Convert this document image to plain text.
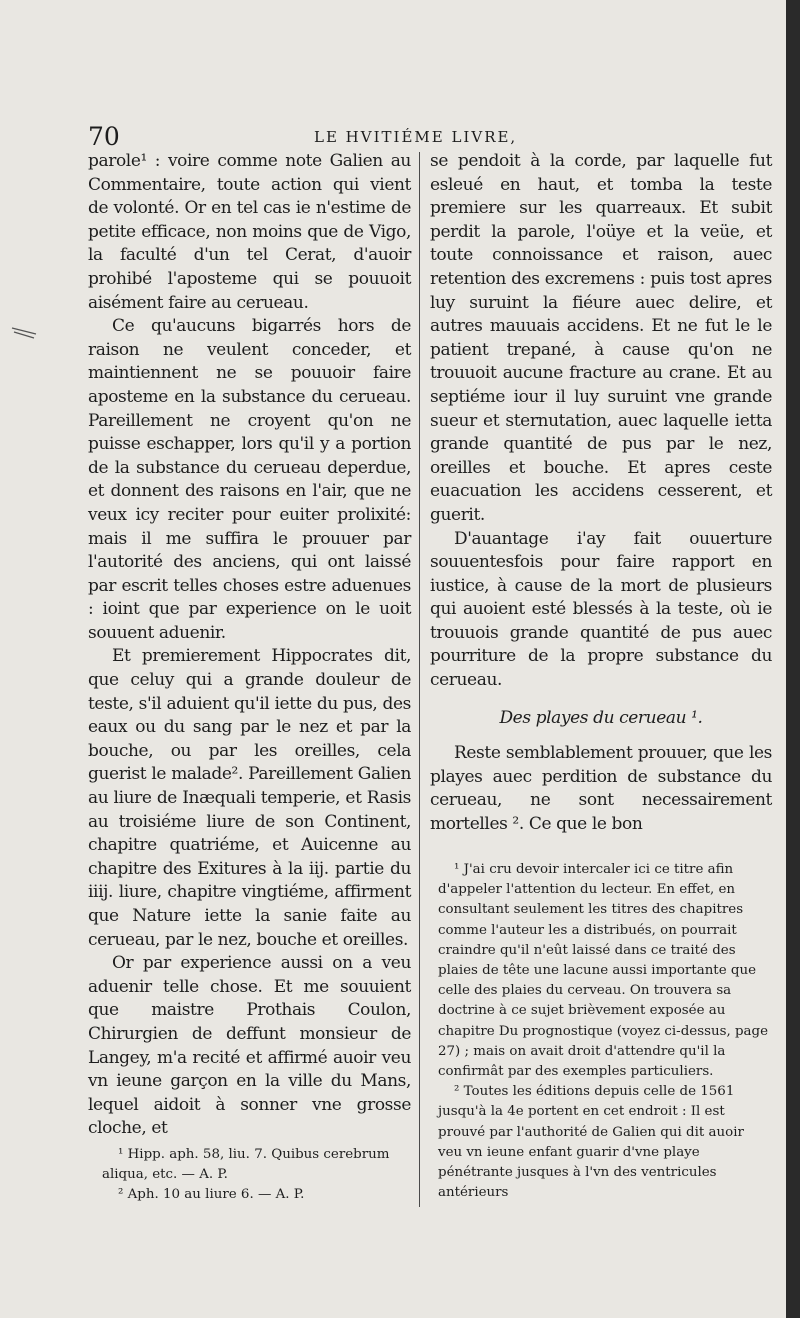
70	LE HVITIÉME LIVRE,

parole¹ : voire comme note Galien au Commentaire, toute action qui vient de volonté. Or en tel cas ie n'estime de petite efficace, non moins que de Vigo, la faculté d'un tel Cerat, d'auoir prohibé l'aposteme qui se pouuoit aisément faire au cerueau.

Ce qu'aucuns bigarrés hors de raison ne veulent conceder, et maintiennent ne se pouuoir faire aposteme en la substance du cerueau. Pareillement ne croyent qu'on ne puisse eschapper, lors qu'il y a portion de la substance du cerueau deperdue, et donnent des raisons en l'air, que ne veux icy reciter pour euiter prolixité: mais il me suffira le prouuer par l'autorité des anciens, qui ont laissé par escrit telles choses estre aduenues : ioint que par experience on le uoit souuent aduenir.

Et premierement Hippocrates dit, que celuy qui a grande douleur de teste, s'il aduient qu'il iette du pus, des eaux ou du sang par le nez et par la bouche, ou par les oreilles, cela guerist le malade². Pareillement Galien au liure de Inæquali temperie, et Rasis au troisiéme liure de son Continent, chapitre quatriéme, et Auicenne au chapitre des Exitures à la iij. partie du iiij. liure, chapitre vingtiéme, affirment que Nature iette la sanie faite au cerueau, par le nez, bouche et oreilles.

Or par experience aussi on a veu aduenir telle chose. Et me souuient que maistre Prothais Coulon, Chirurgien de deffunt monsieur de Langey, m'a recité et affirmé auoir veu vn ieune garçon en la ville du Mans, lequel aidoit à sonner vne grosse cloche, et

¹ Hipp. aph. 58, liu. 7. Quibus cerebrum aliqua, etc. — A. P.

² Aph. 10 au liure 6. — A. P.

se pendoit à la corde, par laquelle fut esleué en haut, et tomba la teste premiere sur les quarreaux. Et subit perdit la parole, l'oüye et la veüe, et toute connoissance et raison, auec retention des excremens : puis tost apres luy suruint la fiéure auec delire, et autres mauuais accidens. Et ne fut le le patient trepané, à cause qu'on ne trouuoit aucune fracture au crane. Et au septiéme iour il luy suruint vne grande sueur et sternutation, auec laquelle ietta grande quantité de pus par le nez, oreilles et bouche. Et apres ceste euacuation les accidens cesserent, et guerit.

D'auantage i'ay fait ouuerture souuentesfois pour faire rapport en iustice, à cause de la mort de plusieurs qui auoient esté blessés à la teste, où ie trouuois grande quantité de pus auec pourriture de la propre substance du cerueau.

Des playes du cerueau ¹.

Reste semblablement prouuer, que les playes auec perdition de substance du cerueau, ne sont necessairement mortelles ². Ce que le bon

¹ J'ai cru devoir intercaler ici ce titre afin d'appeler l'attention du lecteur. En effet, en consultant seulement les titres des chapitres comme l'auteur les a distribués, on pourrait craindre qu'il n'eût laissé dans ce traité des plaies de tête une lacune aussi importante que celle des plaies du cerveau. On trouvera sa doctrine à ce sujet brièvement exposée au chapitre Du prognostique (voyez ci-dessus, page 27) ; mais on avait droit d'attendre qu'il la confirmât par des exemples particuliers.

² Toutes les éditions depuis celle de 1561 jusqu'à la 4e portent en cet endroit : Il est prouvé par l'authorité de Galien qui dit auoir veu vn ieune enfant guarir d'vne playe pénétrante jusques à l'vn des ventricules antérieurs
